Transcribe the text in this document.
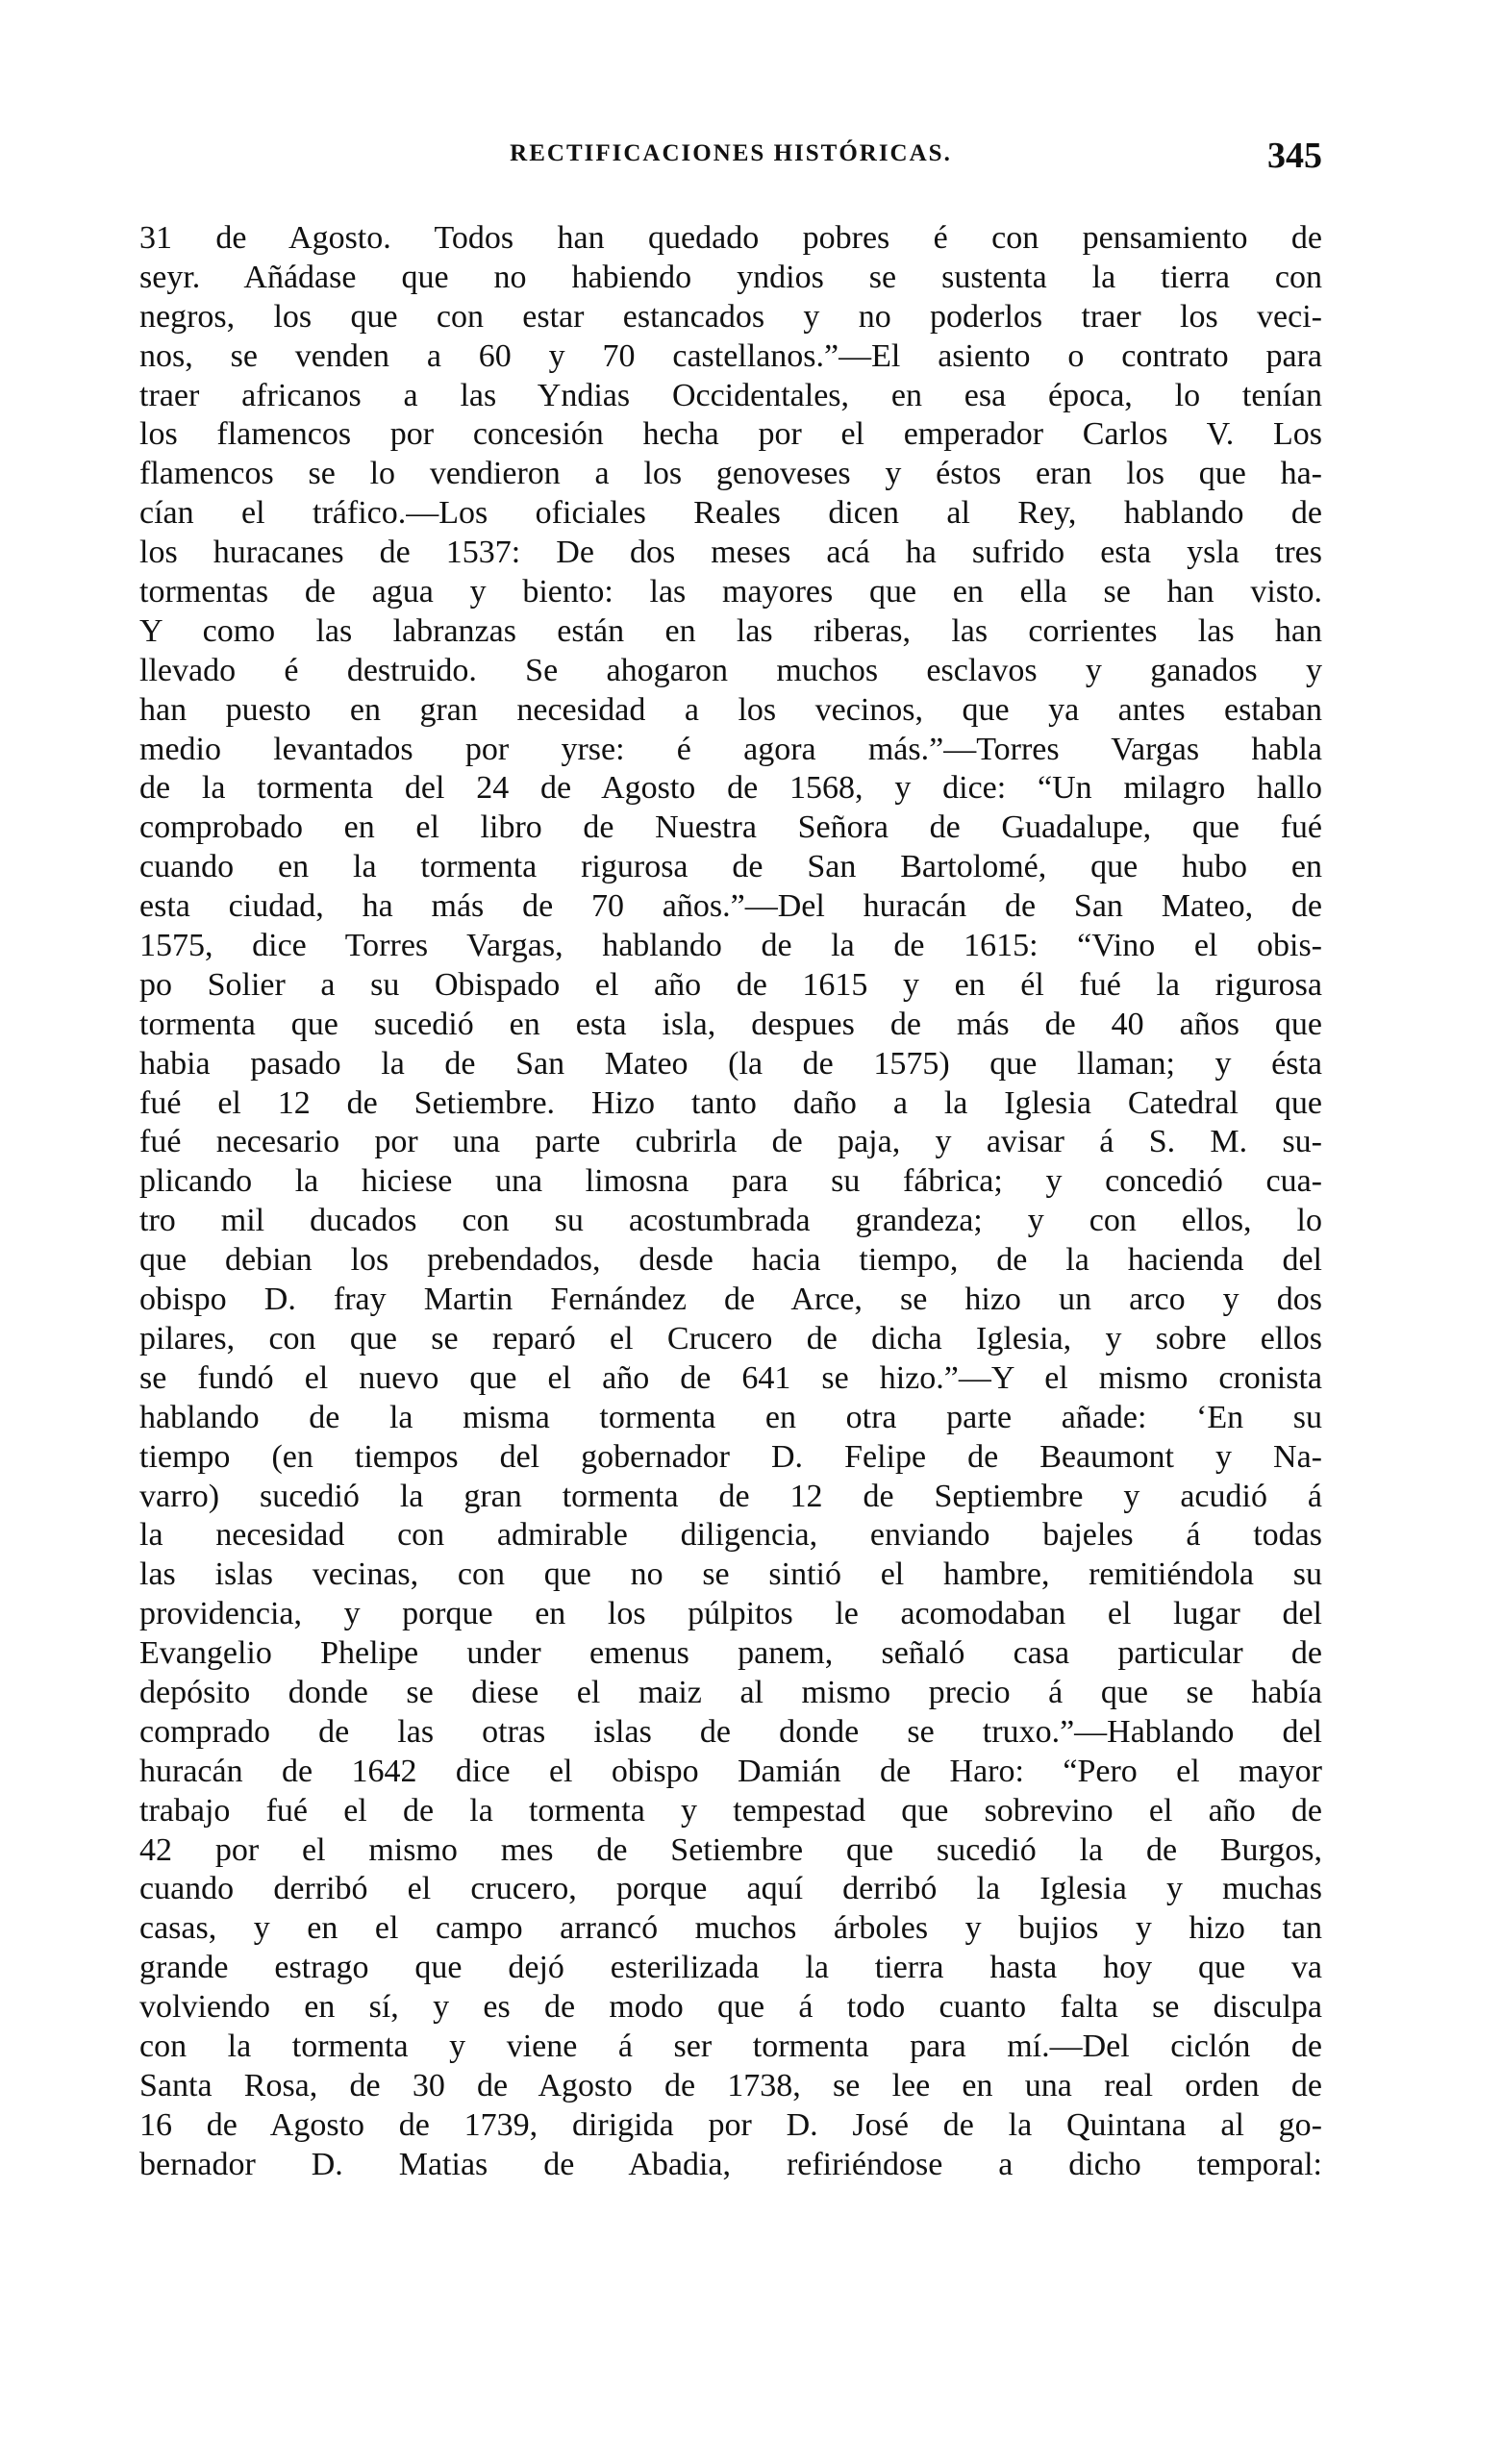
RECTIFICACIONES HISTÓRICAS.	345
31 de Agosto. Todos han quedado pobres é con pensamiento de
seyr. Añádase que no habiendo yndios se sustenta la tierra con
negros, los que con estar estancados y no poderlos traer los veci-
nos, se venden a 60 y 70 castellanos.”—El asiento o contrato para
traer africanos a las Yndias Occidentales, en esa época, lo tenían
los flamencos por concesión hecha por el emperador Carlos V. Los
flamencos se lo vendieron a los genoveses y éstos eran los que ha-
cían el tráfico.—Los oficiales Reales dicen al Rey, hablando de
los huracanes de 1537: De dos meses acá ha sufrido esta ysla tres
tormentas de agua y biento: las mayores que en ella se han visto.
Y como las labranzas están en las riberas, las corrientes las han
llevado é destruido. Se ahogaron muchos esclavos y ganados y
han puesto en gran necesidad a los vecinos, que ya antes estaban
medio levantados por yrse: é agora más.”—Torres Vargas habla
de la tormenta del 24 de Agosto de 1568, y dice: “Un milagro hallo
comprobado en el libro de Nuestra Señora de Guadalupe, que fué
cuando en la tormenta rigurosa de San Bartolomé, que hubo en
esta ciudad, ha más de 70 años.”—Del huracán de San Mateo, de
1575, dice Torres Vargas, hablando de la de 1615: “Vino el obis-
po Solier a su Obispado el año de 1615 y en él fué la rigurosa
tormenta que sucedió en esta isla, despues de más de 40 años que
habia pasado la de San Mateo (la de 1575) que llaman; y ésta
fué el 12 de Setiembre. Hizo tanto daño a la Iglesia Catedral que
fué necesario por una parte cubrirla de paja, y avisar á S. M. su-
plicando la hiciese una limosna para su fábrica; y concedió cua-
tro mil ducados con su acostumbrada grandeza; y con ellos, lo
que debian los prebendados, desde hacia tiempo, de la hacienda del
obispo D. fray Martin Fernández de Arce, se hizo un arco y dos
pilares, con que se reparó el Crucero de dicha Iglesia, y sobre ellos
se fundó el nuevo que el año de 641 se hizo.”—Y el mismo cronista
hablando de la misma tormenta en otra parte añade: ‘En su
tiempo (en tiempos del gobernador D. Felipe de Beaumont y Na-
varro) sucedió la gran tormenta de 12 de Septiembre y acudió á
la necesidad con admirable diligencia, enviando bajeles á todas
las islas vecinas, con que no se sintió el hambre, remitiéndola su
providencia, y porque en los púlpitos le acomodaban el lugar del
Evangelio Phelipe under emenus panem, señaló casa particular de
depósito donde se diese el maiz al mismo precio á que se había
comprado de las otras islas de donde se truxo.”—Hablando del
huracán de 1642 dice el obispo Damián de Haro: “Pero el mayor
trabajo fué el de la tormenta y tempestad que sobrevino el año de
42 por el mismo mes de Setiembre que sucedió la de Burgos,
cuando derribó el crucero, porque aquí derribó la Iglesia y muchas
casas, y en el campo arrancó muchos árboles y bujios y hizo tan
grande estrago que dejó esterilizada la tierra hasta hoy que va
volviendo en sí, y es de modo que á todo cuanto falta se disculpa
con la tormenta y viene á ser tormenta para mí.—Del ciclón de
Santa Rosa, de 30 de Agosto de 1738, se lee en una real orden de
16 de Agosto de 1739, dirigida por D. José de la Quintana al go-
bernador D. Matias de Abadia, refiriéndose a dicho temporal:
